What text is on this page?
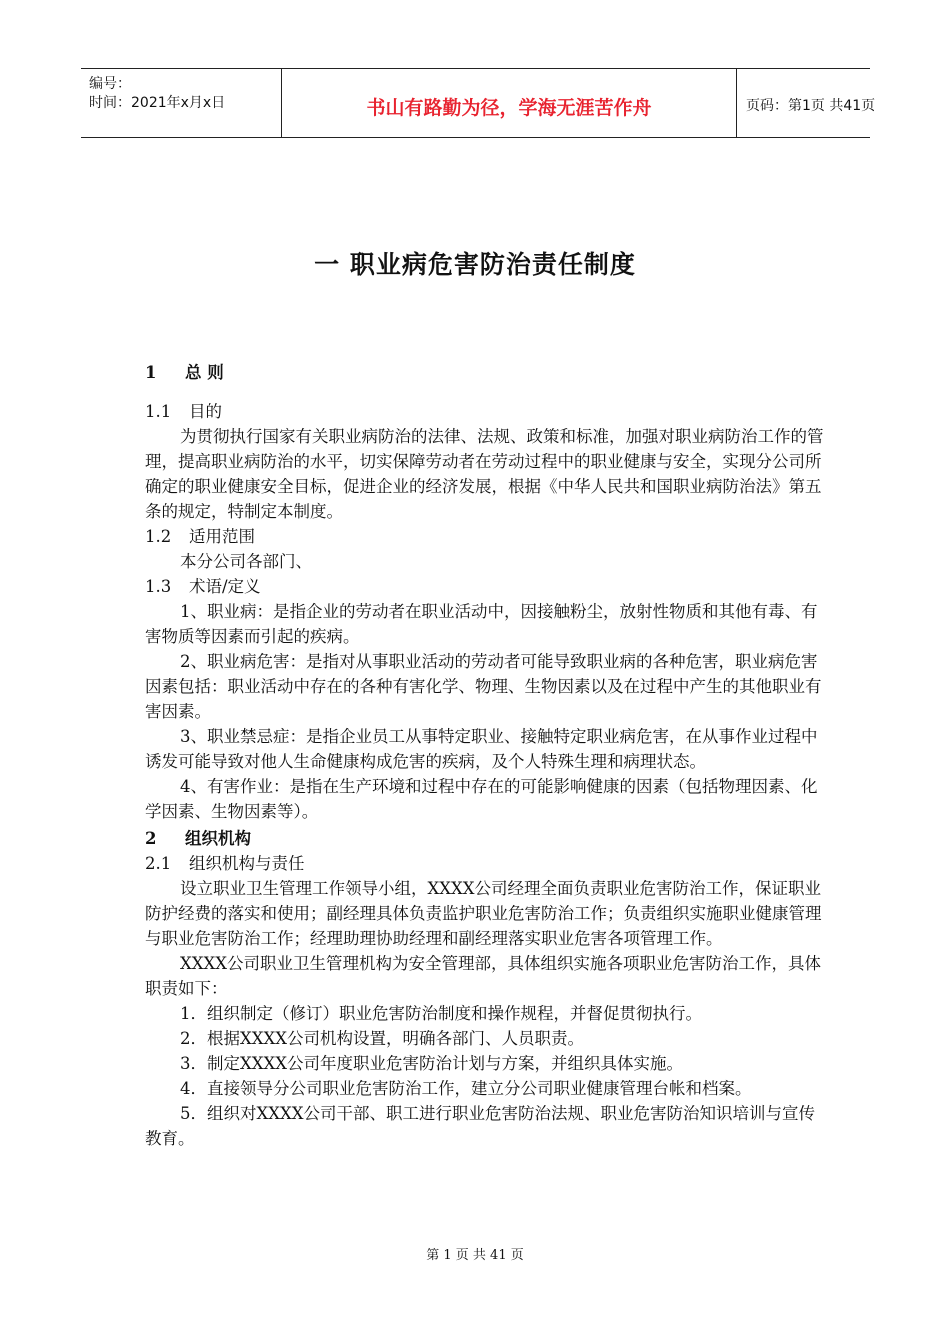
编号：
时间：2021年x月x日	书山有路勤为径，学海无涯苦作舟	页码：第1页 共41页
一 职业病危害防治责任制度

1 总 则

1.1 目的

为贯彻执行国家有关职业病防治的法律、法规、政策和标准，加强对职业病防治工作的管理，提高职业病防治的水平，切实保障劳动者在劳动过程中的职业健康与安全，实现分公司所确定的职业健康安全目标，促进企业的经济发展，根据《中华人民共和国职业病防治法》第五条的规定，特制定本制度。

1.2 适用范围

本分公司各部门、

1.3 术语/定义

1、职业病：是指企业的劳动者在职业活动中，因接触粉尘，放射性物质和其他有毒、有害物质等因素而引起的疾病。

2、职业病危害：是指对从事职业活动的劳动者可能导致职业病的各种危害，职业病危害因素包括：职业活动中存在的各种有害化学、物理、生物因素以及在过程中产生的其他职业有害因素。

3、职业禁忌症：是指企业员工从事特定职业、接触特定职业病危害，在从事作业过程中诱发可能导致对他人生命健康构成危害的疾病，及个人特殊生理和病理状态。

4、有害作业：是指在生产环境和过程中存在的可能影响健康的因素（包括物理因素、化学因素、生物因素等）。

2 组织机构

2.1 组织机构与责任

设立职业卫生管理工作领导小组，XXXX公司经理全面负责职业危害防治工作，保证职业防护经费的落实和使用；副经理具体负责监护职业危害防治工作；负责组织实施职业健康管理与职业危害防治工作；经理助理协助经理和副经理落实职业危害各项管理工作。

XXXX公司职业卫生管理机构为安全管理部，具体组织实施各项职业危害防治工作，具体职责如下：

1．组织制定（修订）职业危害防治制度和操作规程，并督促贯彻执行。

2．根据XXXX公司机构设置，明确各部门、人员职责。

3．制定XXXX公司年度职业危害防治计划与方案，并组织具体实施。

4．直接领导分公司职业危害防治工作，建立分公司职业健康管理台帐和档案。

5．组织对XXXX公司干部、职工进行职业危害防治法规、职业危害防治知识培训与宣传教育。

第 1 页 共 41 页
